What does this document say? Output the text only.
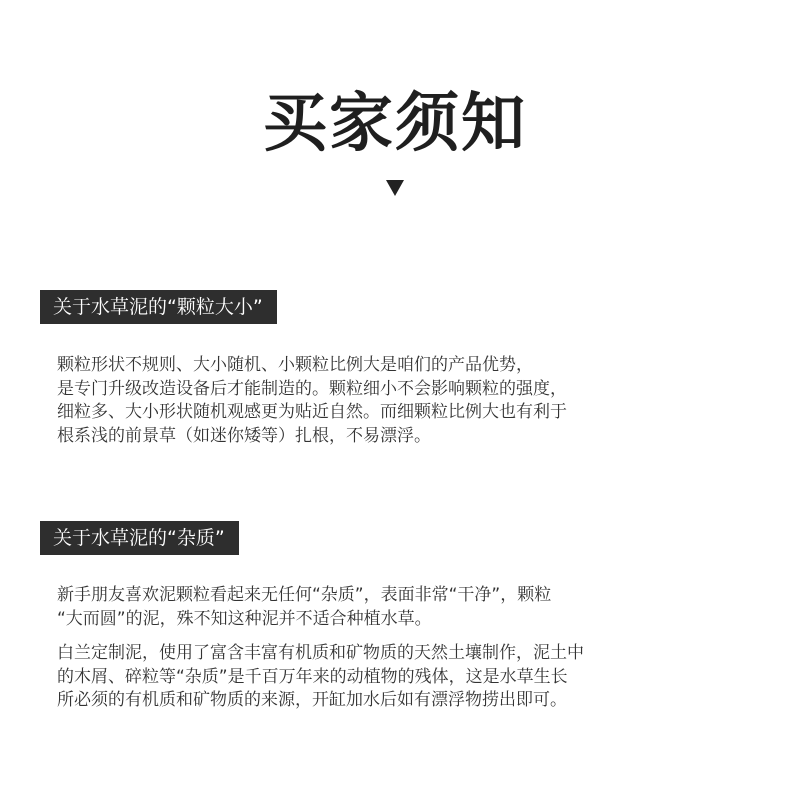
买家须知
关于水草泥的“颗粒大小”
颗粒形状不规则、大小随机、小颗粒比例大是咱们的产品优势，
是专门升级改造设备后才能制造的。颗粒细小不会影响颗粒的强度，
细粒多、大小形状随机观感更为贴近自然。而细颗粒比例大也有利于
根系浅的前景草（如迷你矮等）扎根，不易漂浮。
关于水草泥的“杂质”
新手朋友喜欢泥颗粒看起来无任何“杂质”，表面非常“干净”，颗粒
“大而圆”的泥，殊不知这种泥并不适合种植水草。
白兰定制泥，使用了富含丰富有机质和矿物质的天然土壤制作，泥土中
的木屑、碎粒等“杂质”是千百万年来的动植物的残体，这是水草生长
所必须的有机质和矿物质的来源，开缸加水后如有漂浮物捞出即可。
